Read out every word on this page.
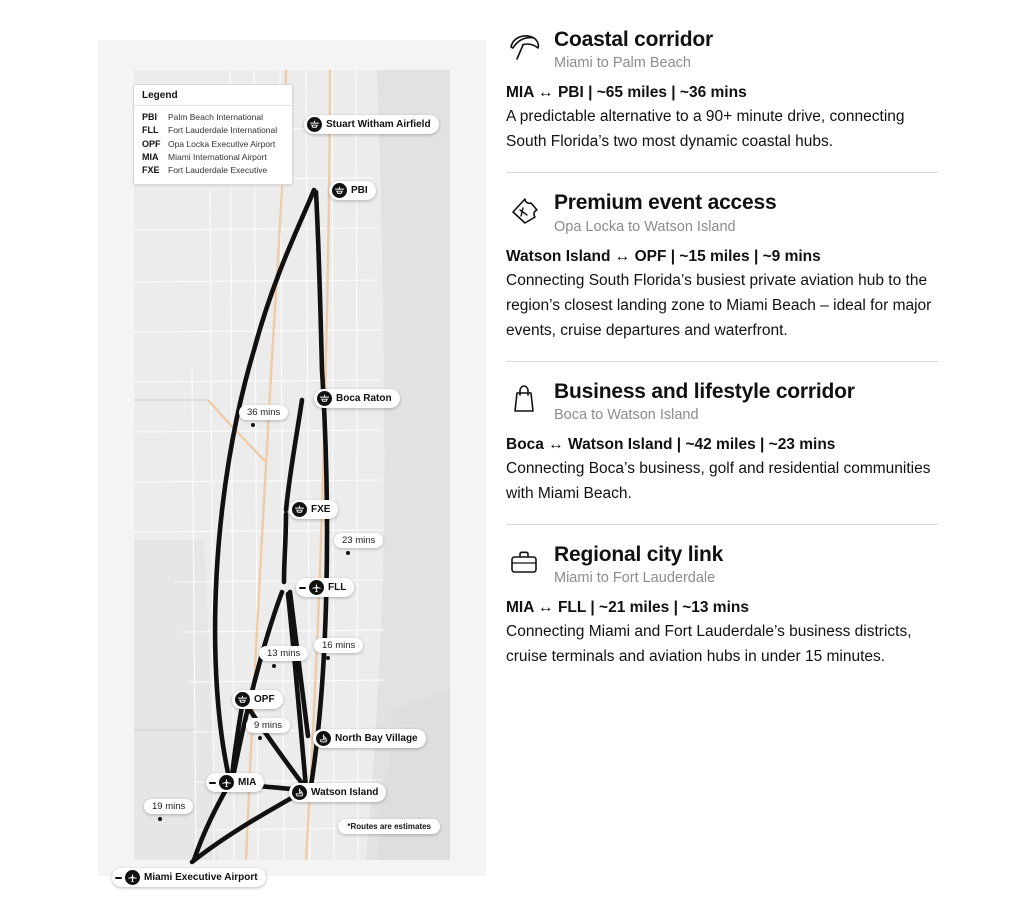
36 mins
23 mins
13 mins
16 mins
9 mins
19 mins
Stuart Witham Airfield
PBI
Boca Raton
FXE
FLL
OPF
North Bay Village
MIA
Watson Island
Miami Executive Airport
*Routes are estimates
Legend
PBI	Palm Beach International
FLL	Fort Lauderdale International
OPF Opa Locka Executive Airport
MIA	Miami International Airport
FXE Fort Lauderdale Executive
Coastal corridor
Miami to Palm Beach
MIA ↔ PBI | ~65 miles | ~36 mins
A predictable alternative to a 90+ minute drive, connecting South Florida’s two most dynamic coastal hubs.
Premium event access
Opa Locka to Watson Island
Watson Island ↔ OPF | ~15 miles | ~9 mins
Connecting South Florida’s busiest private aviation hub to the region’s closest landing zone to Miami Beach – ideal for major events, cruise departures and waterfront.
Business and lifestyle corridor
Boca to Watson Island
Boca ↔ Watson Island | ~42 miles | ~23 mins
Connecting Boca’s business, golf and residential communities with Miami Beach.
Regional city link
Miami to Fort Lauderdale
MIA ↔ FLL | ~21 miles | ~13 mins
Connecting Miami and Fort Lauderdale’s business districts, cruise terminals and aviation hubs in under 15 minutes.
